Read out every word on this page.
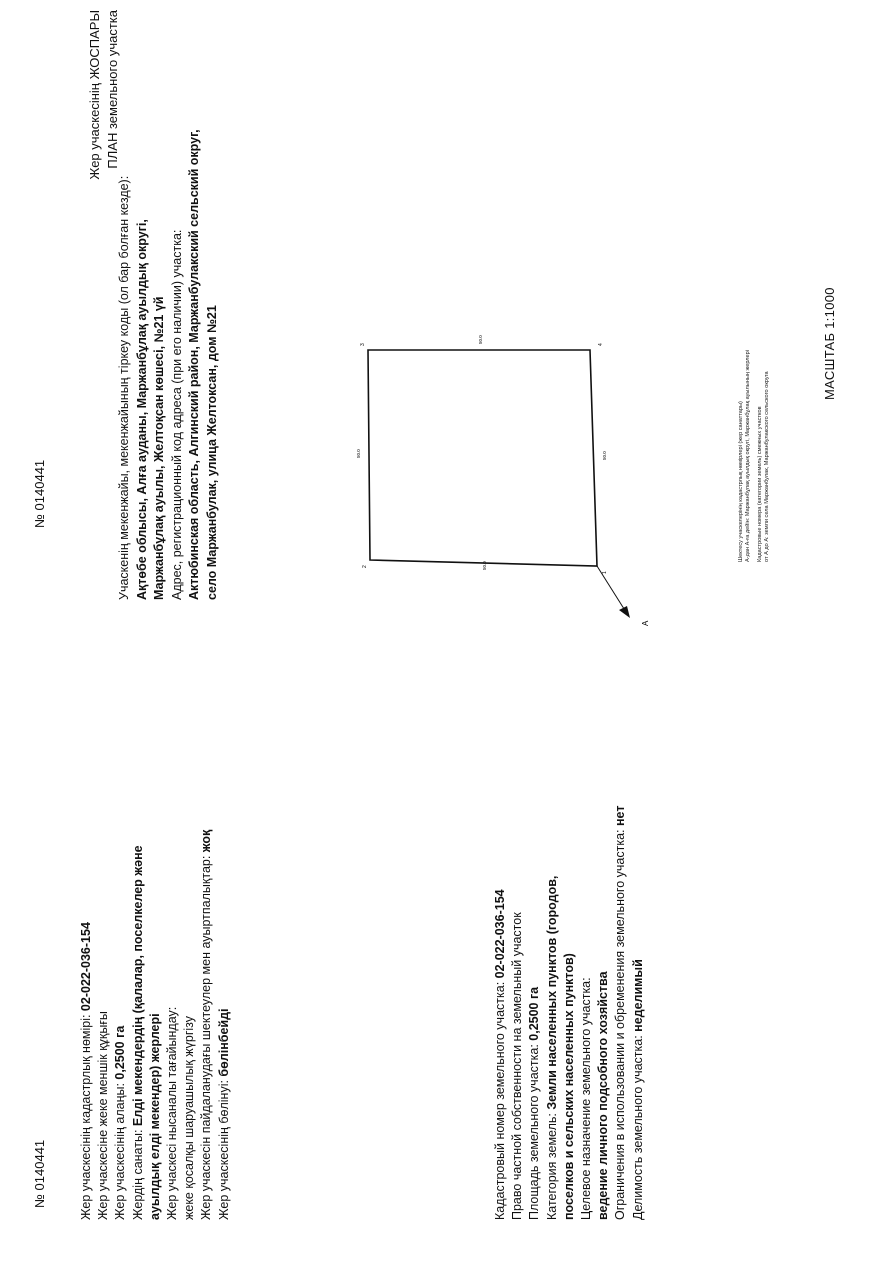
№ 0140441	Жер учаскесінің кадастрлық нөмірі: 02-022-036-154
Жер учаскесіне жеке меншік құқығы Жер учаскесінің алаңы: 0,2500 га
Жердің санаты: Елді мекендердің (қалалар, поселкелер және ауылдық елді мекендер) жерлері Жер учаскесі нысаналы тағайындау: жеке қосалқы шаруашылық жүргізу Жер учаскесін пайдаланудағы шектеулер мен ауыртпалықтар: жоқ
Жер учаскесінің бөлінуі: бөлінбейді	Кадастровый номер земельного участка: 02-022-036-154 Право частной собственности на земельный участок Площадь земельного участка: 0,2500 га
Категория земель: Земли населенных пунктов (городов, поселков и сельских населенных пунктов) Целевое назначение земельного участка: ведение личного подсобного хозяйства Ограничения в использовании и обременения земельного участка: нет
Делимость земельного участка: неделимый
№ 0140441
Жер учаскесінің ЖОСПАРЫ ПЛАН земельного участка
Учаскенің мекенжайы, мекенжайының тіркеу коды (ол бар болған кезде): Ақтөбе облысы, Алға ауданы, Маржанбұлақ ауылдық округі, Маржанбұлақ ауылы, Желтоқсан көшесі, №21 үй Адрес, регистрационный код адреса (при его наличии) участка: Актюбинская область, Алгинский район, Маржанбулакский сельский округ, село Маржанбулак, улица Желтоксан, дом №21
А
1
2
3	4
50.0
50.0
50.0
50.0	Шектесу учаскелерінің кадастрлық нөмірлері (жер санаттары) А-дан А-ға дейін: Маржанбұлақ ауылдық округі, Маржанбұлақ ауылының жерлері Кадастровые номера (категории земель) смежных участков от А до А: земли села Маржанбулак, Маржанбулакского сельского округа
МАСШТАБ 1:1000
